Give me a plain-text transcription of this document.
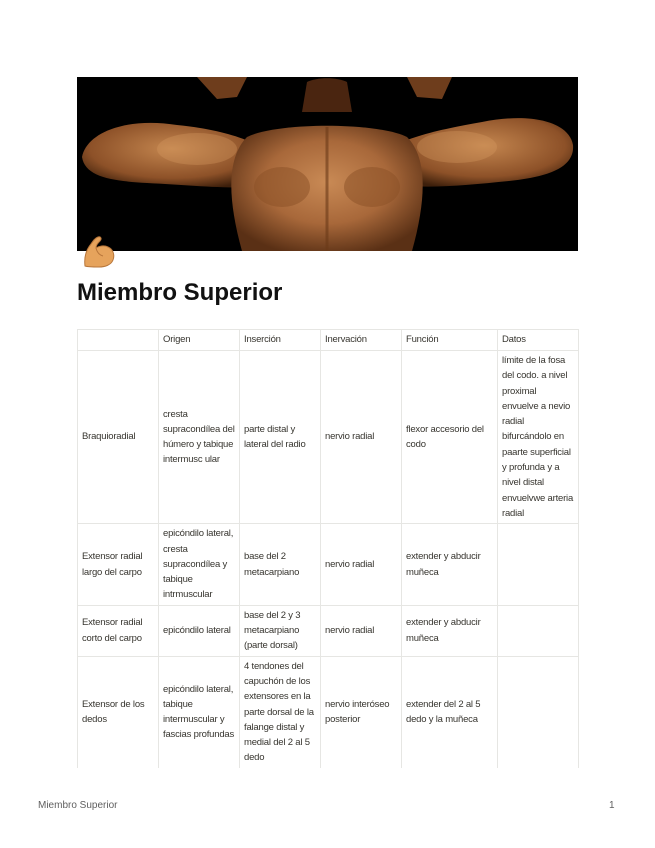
Miembro Superior
	Origen	Inserción	Inervación	Función	Datos
Braquioradial	cresta supracondílea del húmero y tabique intermusc ular	parte distal y lateral del radio	nervio radial	flexor accesorio del codo	límite de la fosa del codo. a nivel proximal envuelve a nevio radial bifurcándolo en paarte superficial y profunda y a nivel distal envuelvwe arteria radial
Extensor radial largo del carpo	epicóndilo lateral, cresta supracondílea y tabique intrmuscular	base del 2 metacarpiano	nervio radial	extender y abducir muñeca	
Extensor radial corto del carpo	epicóndilo lateral	base del 2 y 3 metacarpiano (parte dorsal)	nervio radial	extender y abducir muñeca	
Extensor de los dedos	epicóndilo lateral, tabique intermuscular y fascias profundas	4 tendones del capuchón de los extensores en la parte dorsal de la falange distal y medial del 2 al 5 dedo	nervio interóseo posterior	extender del 2 al 5 dedo y la muñeca	

Miembro Superior	1
